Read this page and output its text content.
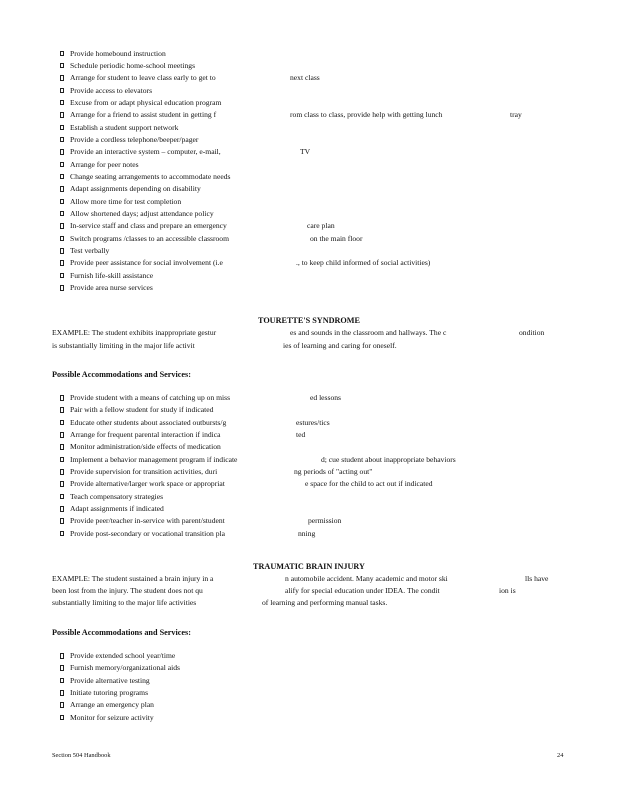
Provide homebound instruction
Schedule periodic home-school meetings
Arrange for student to leave class early to get to	next class
Provide access to elevators
Excuse from or adapt physical education program
Arrange for a friend to assist student in getting f	rom class to class, provide help with getting lunch	tray
Establish a student support network
Provide a cordless telephone/beeper/pager
Provide an interactive system – computer, e-mail,	TV
Arrange for peer notes
Change seating arrangements to accommodate needs
Adapt assignments depending on disability
Allow more time for test completion
Allow shortened days; adjust attendance policy
In-service staff and class and prepare an emergency	care plan
Switch programs /classes to an accessible classroom	on the main floor
Test verbally
Provide peer assistance for social involvement (i.e	., to keep child informed of social activities)
Furnish life-skill assistance
Provide area nurse services
TOURETTE'S SYNDROME
EXAMPLE: The student exhibits inappropriate gestur	es and sounds in the classroom and hallways. The c	ondition
is substantially limiting in the major life activit	ies of learning and caring for oneself.
Possible Accommodations and Services:
Provide student with a means of catching up on miss	ed lessons
Pair with a fellow student for study if indicated
Educate other students about associated outbursts/g	estures/tics
Arrange for frequent parental interaction if indica	ted
Monitor administration/side effects of medication
Implement a behavior management program if indicate	d; cue student about inappropriate behaviors
Provide supervision for transition activities, duri	ng periods of "acting out"
Provide alternative/larger work space or appropriat	e space for the child to act out if indicated
Teach compensatory strategies
Adapt assignments if indicated
Provide peer/teacher in-service with parent/student	permission
Provide post-secondary or vocational transition pla	nning
TRAUMATIC BRAIN INJURY
EXAMPLE: The student sustained a brain injury in a	n automobile accident. Many academic and motor ski	lls have
been lost from the injury. The student does not qu	alify for special education under IDEA. The condit	ion is
substantially limiting to the major life activities	of learning and performing manual tasks.
Possible Accommodations and Services:
Provide extended school year/time
Furnish memory/organizational aids
Provide alternative testing
Initiate tutoring programs
Arrange an emergency plan
Monitor for seizure activity
Section 504 Handbook	24
